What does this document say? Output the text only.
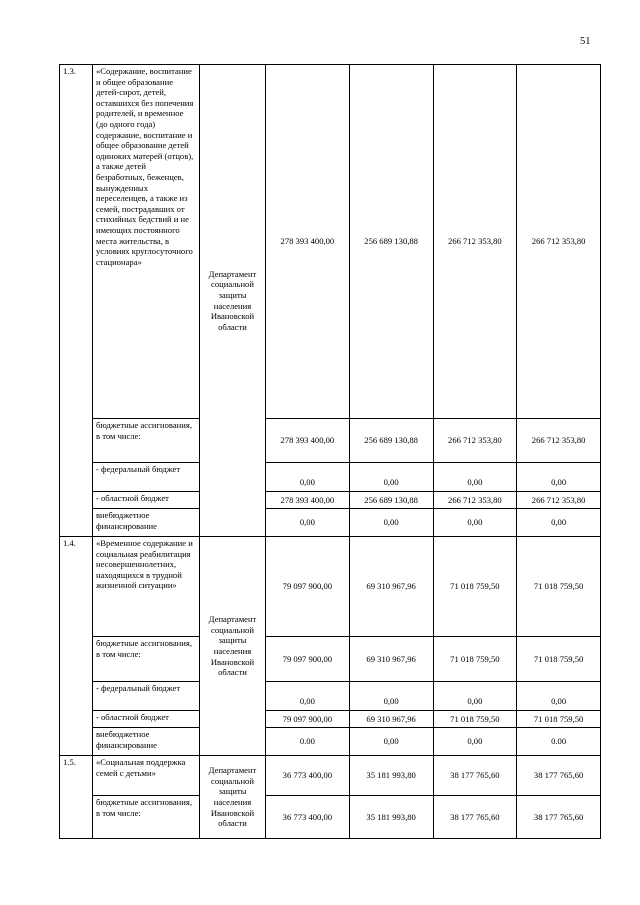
51
1.3.	«Содержание, воспитание и общее образование детей-сирот, детей, оставшихся без попечения родителей, и временное (до одного года) содержание, воспитание и общее образование детей одиноких матерей (отцов), а также детей безработных, беженцев, вынужденных переселенцев, а также из семей, пострадавших от стихийных бедствий и не имеющих постоянного места жительства, в условиях круглосуточного стационара»	Департамент социальной защиты населения Ивановской области	278 393 400,00	256 689 130,88	266 712 353,80	266 712 353,80
	бюджетные ассигнования, в том числе:		278 393 400,00	256 689 130,88	266 712 353,80	266 712 353,80
	- федеральный бюджет		0,00	0,00	0,00	0,00
	- областной бюджет		278 393 400,00	256 689 130,88	266 712 353,80	266 712 353,80
	внебюджетное финансирование		0,00	0,00	0,00	0,00
1.4.	«Временное содержание и социальная реабилитация несовершеннолетних, находящихся в трудной жизненной ситуации»	Департамент социальной защиты населения Ивановской области	79 097 900,00	69 310 967,96	71 018 759,50	71 018 759,50
	бюджетные ассигнования, в том числе:		79 097 900,00	69 310 967,96	71 018 759,50	71 018 759,50
	- федеральный бюджет		0,00	0,00	0,00	0,00
	- областной бюджет		79 097 900,00	69 310 967,96	71 018 759,50	71 018 759,50
	внебюджетное финансирование		0.00	0,00	0,00	0.00
1.5.	«Социальная поддержка семей с детьми»	Департамент социальной защиты населения Ивановской области	36 773 400,00	35 181 993,80	38 177 765,60	38 177 765,60
	бюджетные ассигнования, в том числе:		36 773 400,00	35 181 993,80	38 177 765,60	38 177 765,60
